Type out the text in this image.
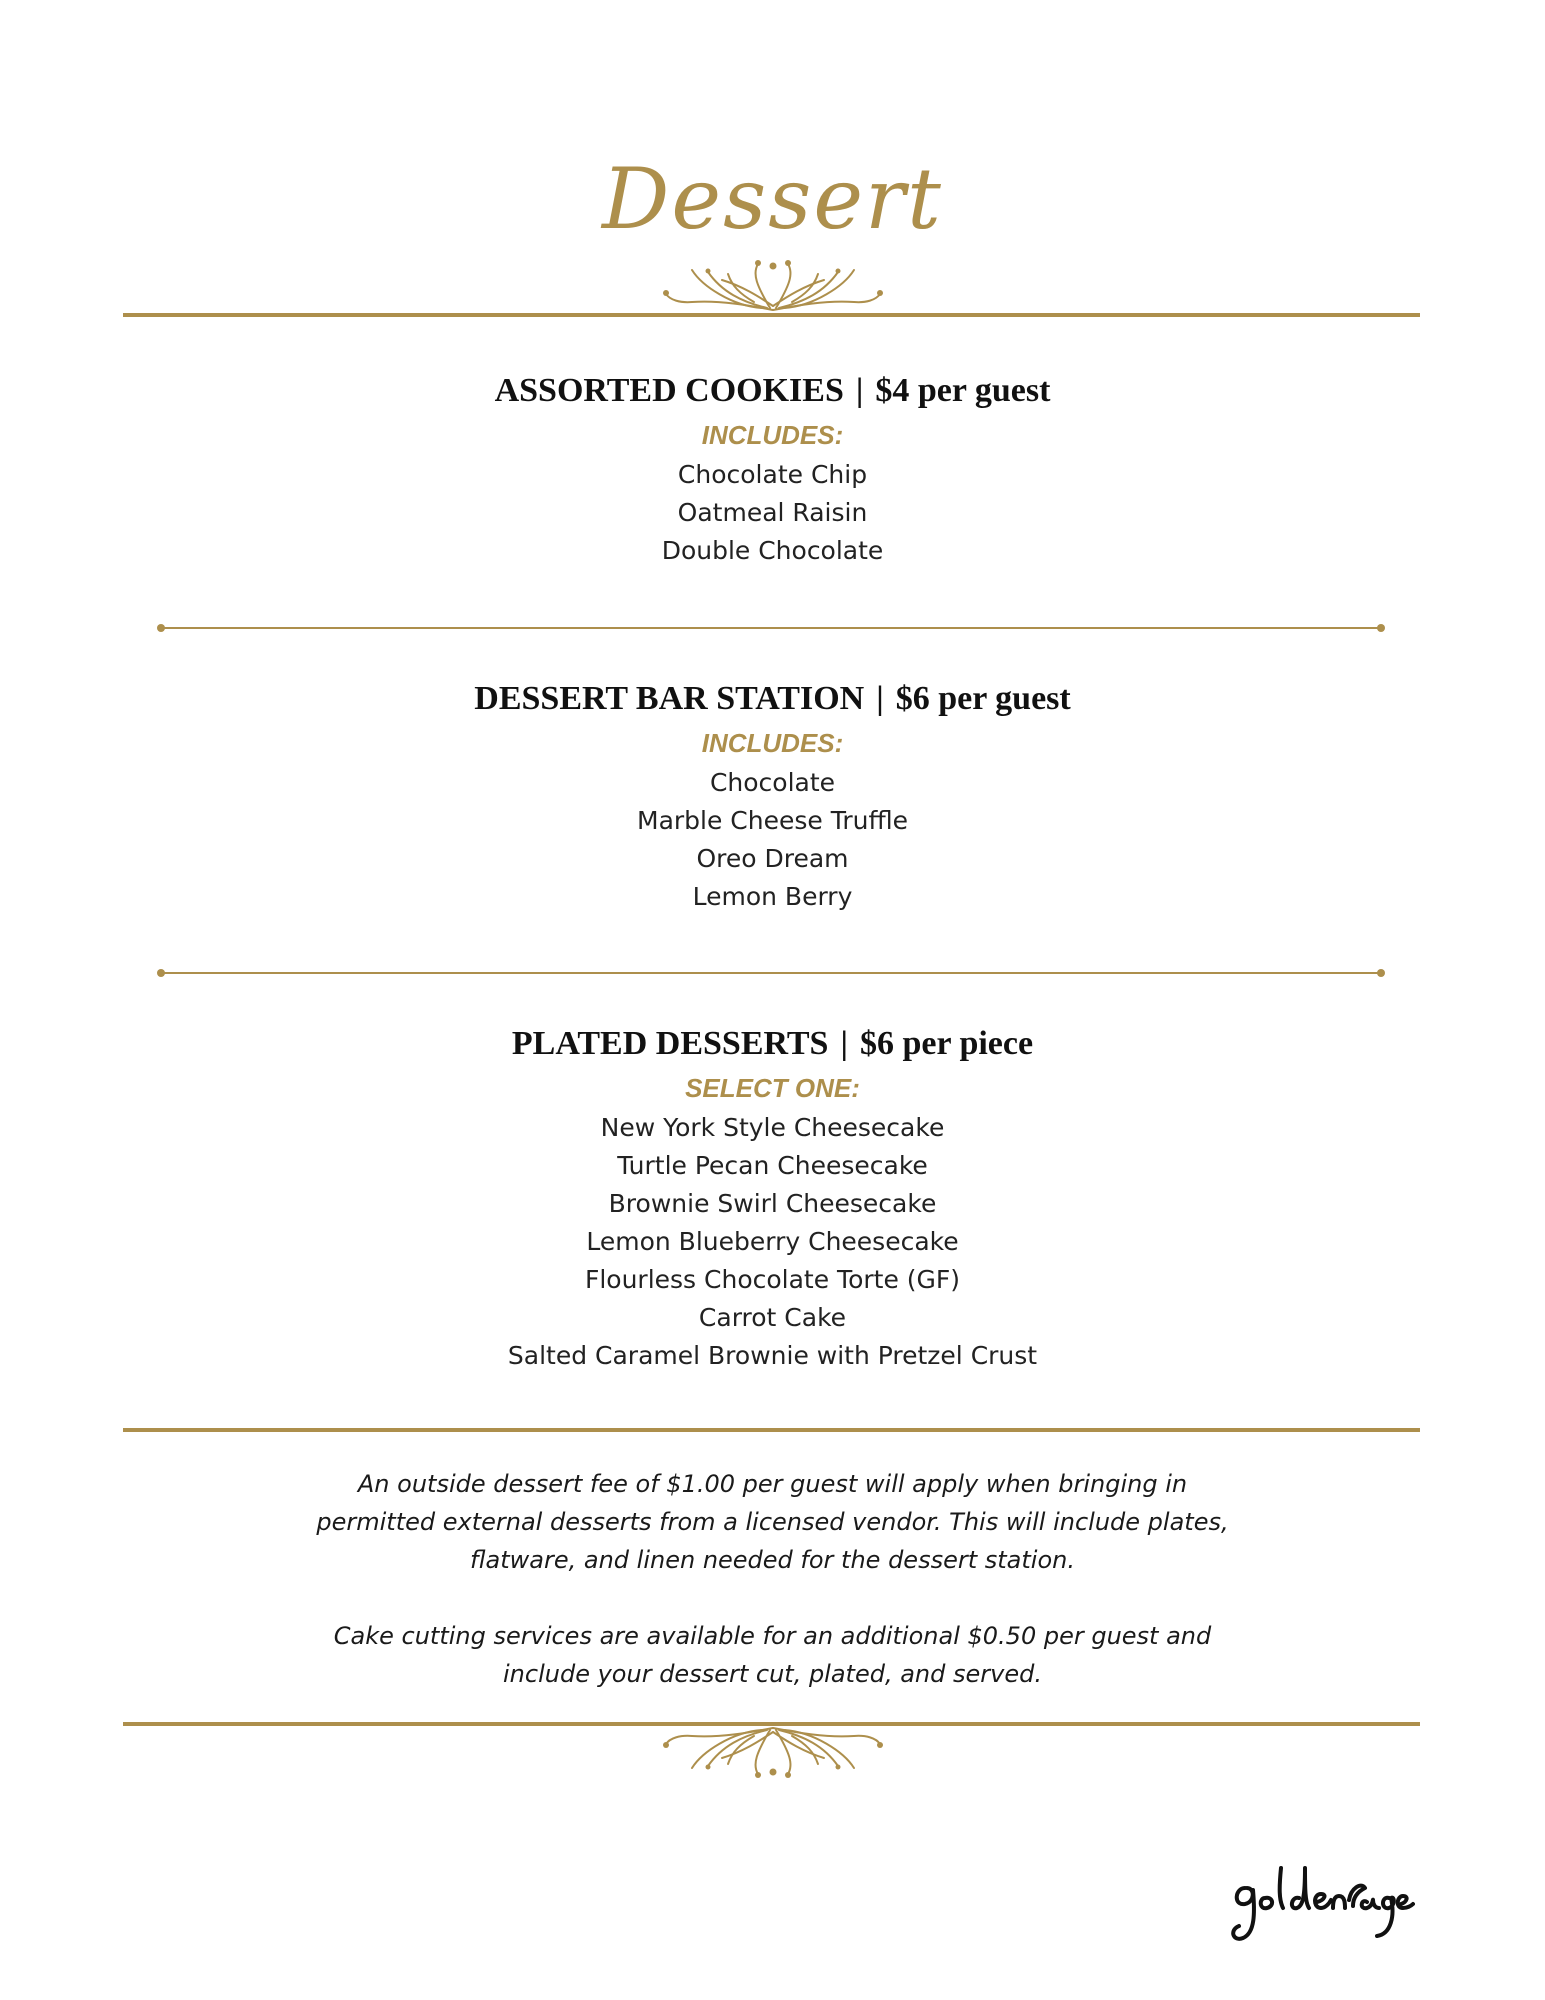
Dessert
ASSORTED COOKIES | $4 per guest
INCLUDES:
Chocolate Chip
Oatmeal Raisin
Double Chocolate
DESSERT BAR STATION | $6 per guest
INCLUDES:
Chocolate
Marble Cheese Truffle
Oreo Dream
Lemon Berry
PLATED DESSERTS | $6 per piece
SELECT ONE:
New York Style Cheesecake
Turtle Pecan Cheesecake
Brownie Swirl Cheesecake
Lemon Blueberry Cheesecake
Flourless Chocolate Torte (GF)
Carrot Cake
Salted Caramel Brownie with Pretzel Crust
An outside dessert fee of $1.00 per guest will apply when bringing in
permitted external desserts from a licensed vendor. This will include plates,
flatware, and linen needed for the dessert station.
Cake cutting services are available for an additional $0.50 per guest and
include your dessert cut, plated, and served.
